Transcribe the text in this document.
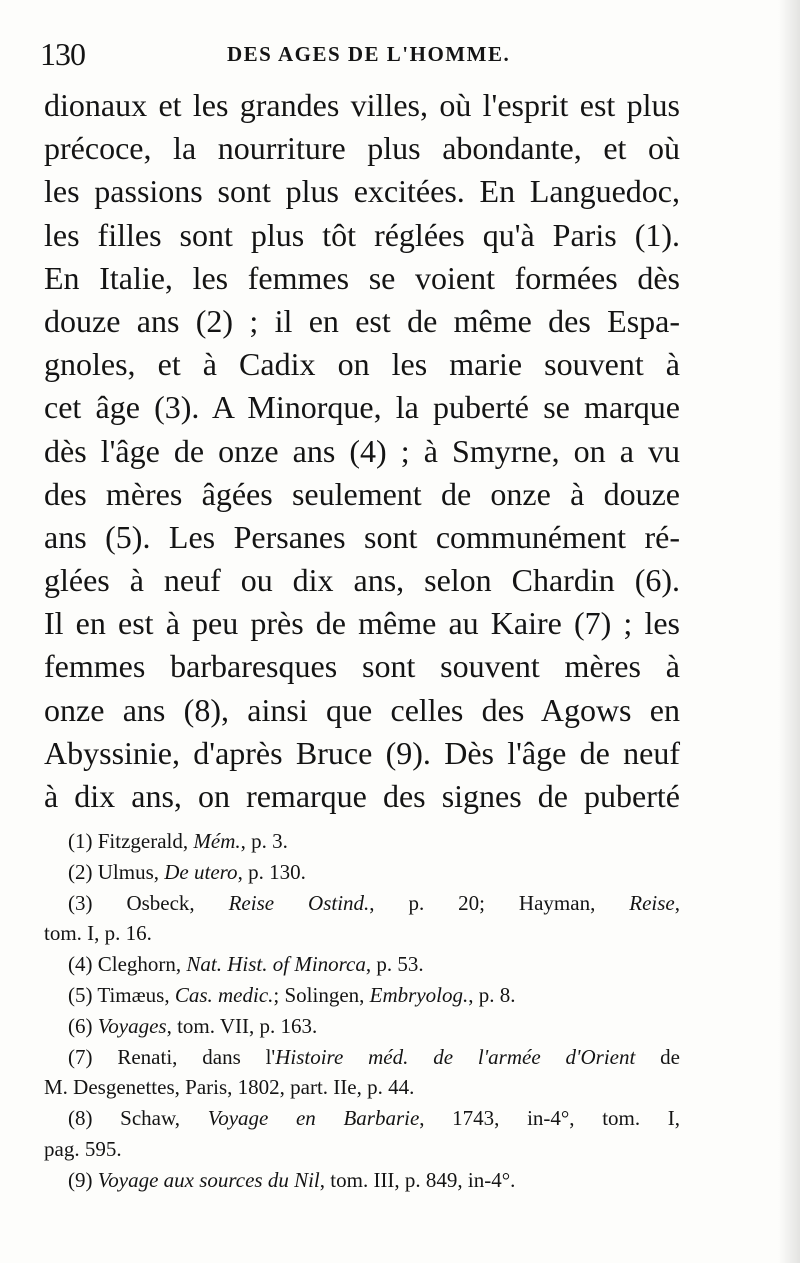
130	DES AGES DE L'HOMME.
dionaux et les grandes villes, où l'esprit est plus
précoce, la nourriture plus abondante, et où
les passions sont plus excitées. En Languedoc,
les filles sont plus tôt réglées qu'à Paris (1).
En Italie, les femmes se voient formées dès
douze ans (2) ; il en est de même des Espa-
gnoles, et à Cadix on les marie souvent à
cet âge (3). A Minorque, la puberté se marque
dès l'âge de onze ans (4) ; à Smyrne, on a vu
des mères âgées seulement de onze à douze
ans (5). Les Persanes sont communément ré-
glées à neuf ou dix ans, selon Chardin (6).
Il en est à peu près de même au Kaire (7) ; les
femmes barbaresques sont souvent mères à
onze ans (8), ainsi que celles des Agows en
Abyssinie, d'après Bruce (9). Dès l'âge de neuf
à dix ans, on remarque des signes de puberté
(1) Fitzgerald, Mém., p. 3.
(2) Ulmus, De utero, p. 130.
(3) Osbeck, Reise Ostind., p. 20; Hayman, Reise,
tom. I, p. 16.
(4) Cleghorn, Nat. Hist. of Minorca, p. 53.
(5) Timæus, Cas. medic.; Solingen, Embryolog., p. 8.
(6) Voyages, tom. VII, p. 163.
(7) Renati, dans l'Histoire méd. de l'armée d'Orient de
M. Desgenettes, Paris, 1802, part. IIe, p. 44.
(8) Schaw, Voyage en Barbarie, 1743, in-4°, tom. I,
pag. 595.
(9) Voyage aux sources du Nil, tom. III, p. 849, in-4°.
